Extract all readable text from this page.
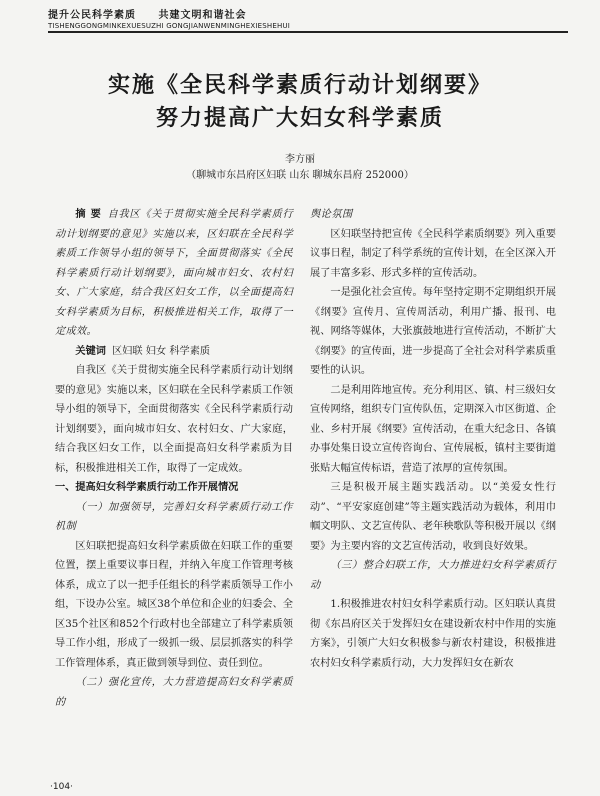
提升公民科学素质 共建文明和谐社会
TISHENGGONGMINKEXUESUZHI GONGJIANWENMINGHEXIESHEHUI
实施《全民科学素质行动计划纲要》
努力提高广大妇女科学素质
李方丽
（聊城市东昌府区妇联 山东 聊城东昌府 252000）

摘 要 自我区《关于贯彻实施全民科学素质行动计划纲要的意见》实施以来，区妇联在全民科学素质工作领导小组的领导下，全面贯彻落实《全民科学素质行动计划纲要》，面向城市妇女、农村妇女、广大家庭，结合我区妇女工作，以全面提高妇女科学素质为目标，积极推进相关工作，取得了一定成效。

关键词 区妇联 妇女 科学素质

自我区《关于贯彻实施全民科学素质行动计划纲要的意见》实施以来，区妇联在全民科学素质工作领导小组的领导下，全面贯彻落实《全民科学素质行动计划纲要》，面向城市妇女、农村妇女、广大家庭，结合我区妇女工作，以全面提高妇女科学素质为目标，积极推进相关工作，取得了一定成效。

一、提高妇女科学素质行动工作开展情况

（一）加强领导，完善妇女科学素质行动工作机制

区妇联把提高妇女科学素质做在妇联工作的重要位置，摆上重要议事日程，并纳入年度工作管理考核体系，成立了以一把手任组长的科学素质领导工作小组，下设办公室。城区38个单位和企业的妇委会、全区35个社区和852个行政村也全部建立了科学素质领导工作小组，形成了一级抓一级、层层抓落实的科学工作管理体系，真正做到领导到位、责任到位。

（二）强化宣传，大力营造提高妇女科学素质的

舆论氛围

区妇联坚持把宣传《全民科学素质纲要》列入重要议事日程，制定了科学系统的宣传计划，在全区深入开展了丰富多彩、形式多样的宣传活动。

一是强化社会宣传。每年坚持定期不定期组织开展《纲要》宣传月、宣传周活动，利用广播、报刊、电视、网络等媒体，大张旗鼓地进行宣传活动，不断扩大《纲要》的宣传面，进一步提高了全社会对科学素质重要性的认识。

二是利用阵地宣传。充分利用区、镇、村三级妇女宣传网络，组织专门宣传队伍，定期深入市区街道、企业、乡村开展《纲要》宣传活动，在重大纪念日、各镇办事处集日设立宣传咨询台、宣传展板，镇村主要街道张贴大幅宣传标语，营造了浓厚的宣传氛围。

三是积极开展主题实践活动。以“美爱女性行动”、“平安家庭创建”等主题实践活动为载体，利用巾帼文明队、文艺宣传队、老年秧歌队等积极开展以《纲要》为主要内容的文艺宣传活动，收到良好效果。

（三）整合妇联工作，大力推进妇女科学素质行动

1.积极推进农村妇女科学素质行动。区妇联认真贯彻《东昌府区关于发挥妇女在建设新农村中作用的实施方案》，引领广大妇女积极参与新农村建设，积极推进农村妇女科学素质行动，大力发挥妇女在新农

·104·
